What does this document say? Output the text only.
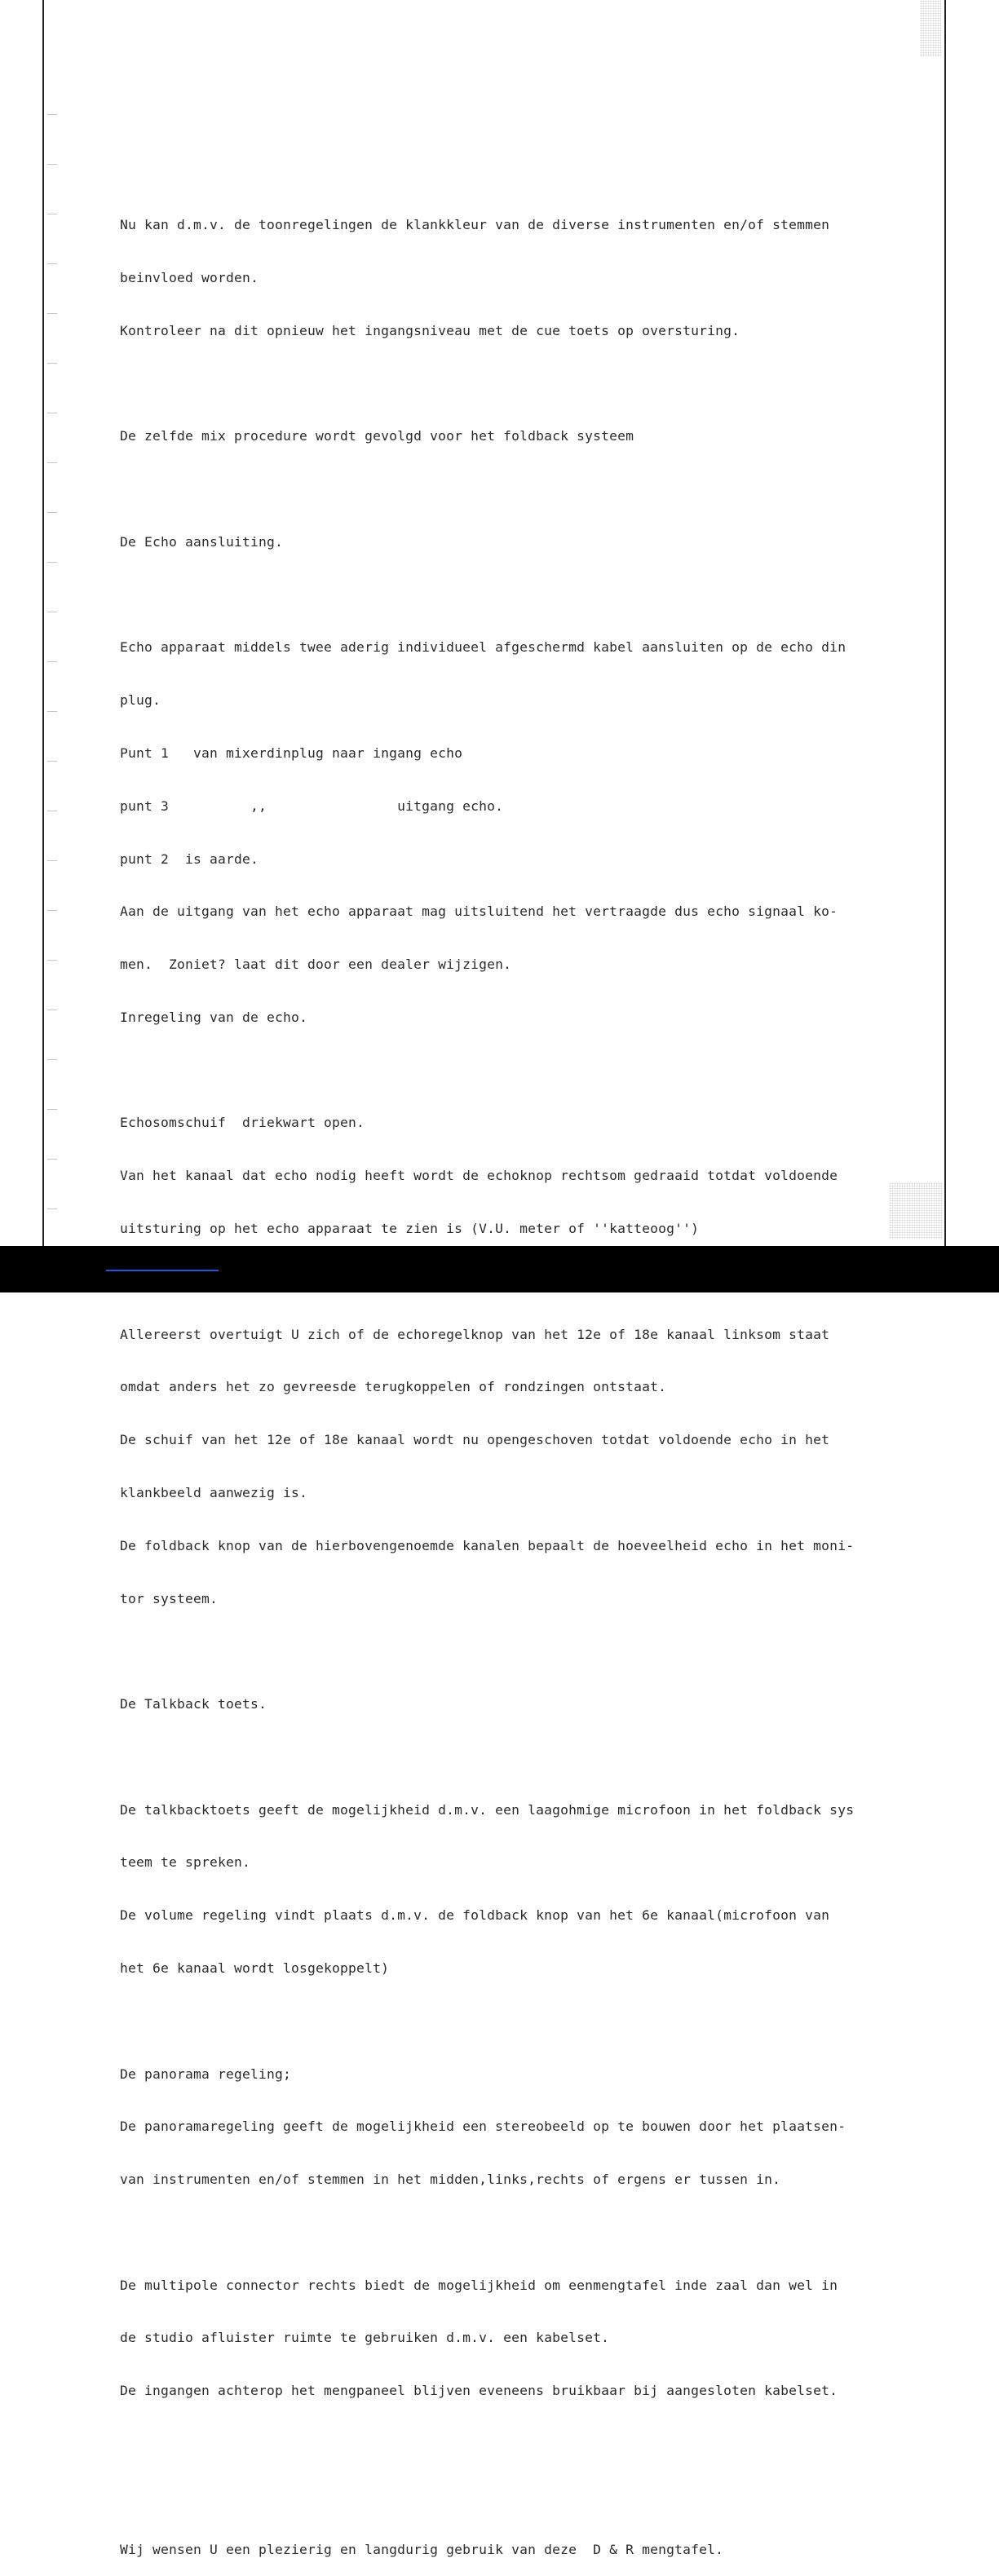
Nu kan d.m.v. de toonregelingen de klankkleur van de diverse instrumenten en/of stemmen

beinvloed worden.

Kontroleer na dit opnieuw het ingangsniveau met de cue toets op oversturing.

De zelfde mix procedure wordt gevolgd voor het foldback systeem

De Echo aansluiting.

Echo apparaat middels twee aderig individueel afgeschermd kabel aansluiten op de echo din

plug.

Punt 1   van mixerdinplug naar ingang echo

punt 3          ,,                uitgang echo.

punt 2  is aarde.

Aan de uitgang van het echo apparaat mag uitsluitend het vertraagde dus echo signaal ko-

men.  Zoniet? laat dit door een dealer wijzigen.

Inregeling van de echo.

Echosomschuif  driekwart open.

Van het kanaal dat echo nodig heeft wordt de echoknop rechtsom gedraaid totdat voldoende

uitsturing op het echo apparaat te zien is (V.U. meter of ''katteoog'')

Allereerst overtuigt U zich of de echoregelknop van het 12e of 18e kanaal linksom staat

omdat anders het zo gevreesde terugkoppelen of rondzingen ontstaat.

De schuif van het 12e of 18e kanaal wordt nu opengeschoven totdat voldoende echo in het

klankbeeld aanwezig is.

De foldback knop van de hierbovengenoemde kanalen bepaalt de hoeveelheid echo in het moni-

tor systeem.

De Talkback toets.

De talkbacktoets geeft de mogelijkheid d.m.v. een laagohmige microfoon in het foldback sys

teem te spreken.

De volume regeling vindt plaats d.m.v. de foldback knop van het 6e kanaal(microfoon van

het 6e kanaal wordt losgekoppelt)

De panorama regeling;

De panoramaregeling geeft de mogelijkheid een stereobeeld op te bouwen door het plaatsen-

van instrumenten en/of stemmen in het midden,links,rechts of ergens er tussen in.

De multipole connector rechts biedt de mogelijkheid om eenmengtafel inde zaal dan wel in

de studio afluister ruimte te gebruiken d.m.v. een kabelset.

De ingangen achterop het mengpaneel blijven eveneens bruikbaar bij aangesloten kabelset.

Wij wensen U een plezierig en langdurig gebruik van deze  D & R mengtafel.
